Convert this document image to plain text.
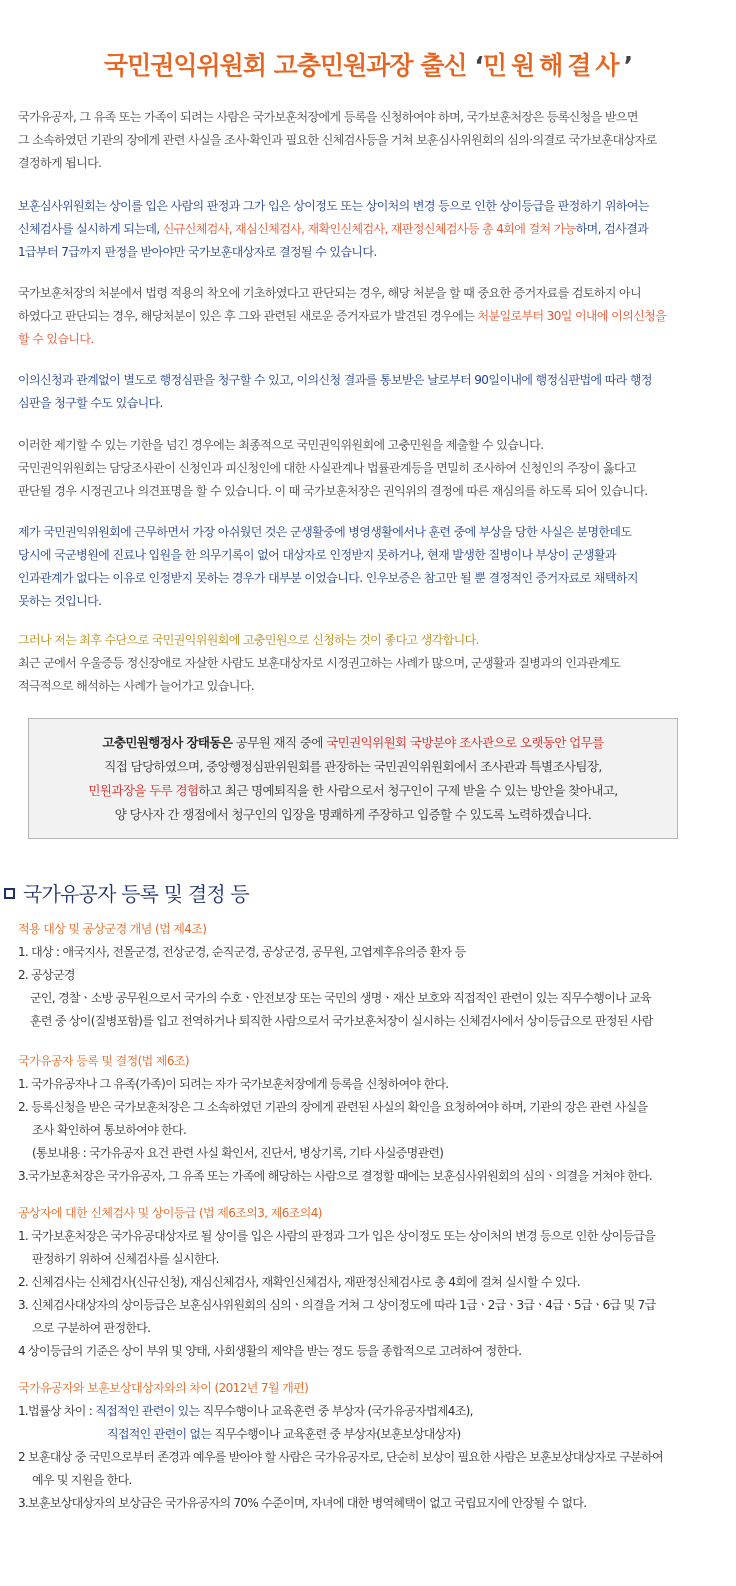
국민권익위원회 고충민원과장 출신 ‘민원해결사’

국가유공자, 그 유족 또는 가족이 되려는 사람은 국가보훈처장에게 등록을 신청하여야 하며, 국가보훈처장은 등록신청을 받으면

그 소속하였던 기관의 장에게 관련 사실을 조사·확인과 필요한 신체검사등을 거쳐 보훈심사위원회의 심의·의결로 국가보훈대상자로

결정하게 됩니다.

보훈심사위원회는 상이를 입은 사람의 판정과 그가 입은 상이정도 또는 상이처의 변경 등으로 인한 상이등급을 판정하기 위하여는

신체검사를 실시하게 되는데, 신규신체검사, 재심신체검사, 재확인신체검사, 재판정신체검사등 총 4회에 걸쳐 가능하며, 검사결과

1급부터 7급까지 판정을 받아야만 국가보훈대상자로 결정될 수 있습니다.

국가보훈처장의 처분에서 법령 적용의 착오에 기초하였다고 판단되는 경우, 해당 처분을 할 때 중요한 증거자료를 검토하지 아니

하였다고 판단되는 경우, 해당처분이 있은 후 그와 관련된 새로운 증거자료가 발견된 경우에는 처분일로부터 30일 이내에 이의신청을

할 수 있습니다.

이의신청과 관계없이 별도로 행정심판을 청구할 수 있고, 이의신청 결과를 통보받은 날로부터 90일이내에 행정심판법에 따라 행정

심판을 청구할 수도 있습니다.

이러한 제기할 수 있는 기한을 넘긴 경우에는 최종적으로 국민권익위원회에 고충민원을 제출할 수 있습니다.

국민권익위원회는 담당조사관이 신청인과 피신청인에 대한 사실관계나 법률관계등을 면밀히 조사하여 신청인의 주장이 옳다고

판단될 경우 시정권고나 의견표명을 할 수 있습니다. 이 때 국가보훈처장은 권익위의 결정에 따른 재심의를 하도록 되어 있습니다.

제가 국민권익위원회에 근무하면서 가장 아쉬웠던 것은 군생활중에 병영생활에서나 훈련 중에 부상을 당한 사실은 분명한데도

당시에 국군병원에 진료나 입원을 한 의무기록이 없어 대상자로 인정받지 못하거나, 현재 발생한 질병이나 부상이 군생활과

인과관계가 없다는 이유로 인정받지 못하는 경우가 대부분 이었습니다. 인우보증은 참고만 될 뿐 결정적인 증거자료로 채택하지

못하는 것입니다.

그러나 저는 최후 수단으로 국민권익위원회에 고충민원으로 신청하는 것이 좋다고 생각합니다.

최근 군에서 우울증등 정신장애로 자살한 사람도 보훈대상자로 시정권고하는 사례가 많으며, 군생활과 질병과의 인과관계도

적극적으로 해석하는 사례가 늘어가고 있습니다.

고충민원행정사 장태동은 공무원 재직 중에 국민권익위원회 국방분야 조사관으로 오랫동안 업무를
직접 담당하였으며, 중앙행정심판위원회를 관장하는 국민권익위원회에서 조사관과 특별조사팀장,
민원과장을 두루 경험하고 최근 명예퇴직을 한 사람으로서 청구인이 구제 받을 수 있는 방안을 찾아내고,
양 당사자 간 쟁점에서 청구인의 입장을 명쾌하게 주장하고 입증할 수 있도록 노력하겠습니다.
국가유공자 등록 및 결정 등
적용 대상 및 공상군경 개념 (법 제4조)
1. 대상 : 애국지사, 전몰군경, 전상군경, 순직군경, 공상군경, 공무원, 고엽제후유의증 환자 등
2. 공상군경
군인, 경찰ㆍ소방 공무원으로서 국가의 수호ㆍ안전보장 또는 국민의 생명ㆍ재산 보호와 직접적인 관련이 있는 직무수행이나 교육
훈련 중 상이(질병포함)를 입고 전역하거나 퇴직한 사람으로서 국가보훈처장이 실시하는 신체검사에서 상이등급으로 판정된 사람
국가유공자 등록 및 결정(법 제6조)
1. 국가유공자나 그 유족(가족)이 되려는 자가 국가보훈처장에게 등록을 신청하여야 한다.
2. 등록신청을 받은 국가보훈처장은 그 소속하였던 기관의 장에게 관련된 사실의 확인을 요청하여야 하며, 기관의 장은 관련 사실을
조사 확인하여 통보하여야 한다.
(통보내용 : 국가유공자 요건 관련 사실 확인서, 진단서, 병상기록, 기타 사실증명관련)
3.국가보훈처장은 국가유공자, 그 유족 또는 가족에 해당하는 사람으로 결정할 때에는 보훈심사위원회의 심의ㆍ의결을 거쳐야 한다.
공상자에 대한 신체검사 및 상이등급 (법 제6조의3, 제6조의4)
1. 국가보훈처장은 국가유공대상자로 될 상이를 입은 사람의 판정과 그가 입은 상이정도 또는 상이처의 변경 등으로 인한 상이등급을
판정하기 위하여 신체검사를 실시한다.
2. 신체검사는 신체검사(신규신청), 재심신체검사, 재확인신체검사, 재판정신체검사로 총 4회에 걸쳐 실시할 수 있다.
3. 신체검사대상자의 상이등급은 보훈심사위원회의 심의ㆍ의결을 거쳐 그 상이정도에 따라 1급ㆍ2급ㆍ3급ㆍ4급ㆍ5급ㆍ6급 및 7급
으로 구분하여 판정한다.
4 상이등급의 기준은 상이 부위 및 양태, 사회생활의 제약을 받는 정도 등을 종합적으로 고려하여 정한다.
국가유공자와 보훈보상대상자와의 차이 (2012년 7월 개편)
1.법률상 차이 : 직접적인 관련이 있는 직무수행이나 교육훈련 중 부상자 (국가유공자법제4조),
직접적인 관련이 없는 직무수행이나 교육훈련 중 부상자(보훈보상대상자)
2 보훈대상 중 국민으로부터 존경과 예우를 받아야 할 사람은 국가유공자로, 단순히 보상이 필요한 사람은 보훈보상대상자로 구분하여
예우 및 지원을 한다.
3.보훈보상대상자의 보상금은 국가유공자의 70% 수준이며, 자녀에 대한 병역혜택이 없고 국립묘지에 안장될 수 없다.
